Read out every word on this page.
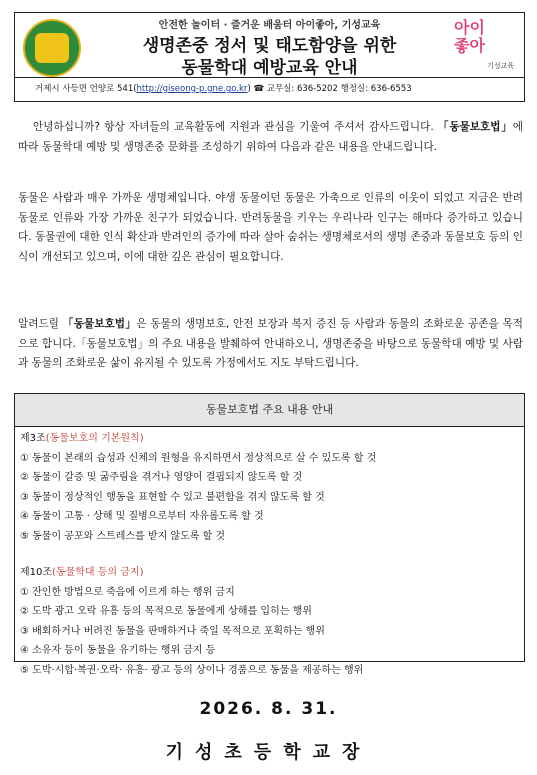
안전한 놀이터 · 즐거운 배움터 아이좋아, 기성교육
생명존중 정서 및 태도함양을 위한
동물학대 예방교육 안내
아이좋아
기성교육
거제시 사등면 언양로 541(http://giseong-p.gne.go.kr) ☎ 교무실: 636-5202 행정실: 636-6553
안녕하십니까? 항상 자녀들의 교육활동에 지원과 관심을 기울여 주셔서 감사드립니다. 「동물보호법」에 따라 동물학대 예방 및 생명존중 문화를 조성하기 위하여 다음과 같은 내용을 안내드립니다.
동물은 사람과 매우 가까운 생명체입니다. 야생 동물이던 동물은 가축으로 인류의 이웃이 되었고 지금은 반려동물로 인류와 가장 가까운 친구가 되었습니다. 반려동물을 키우는 우리나라 인구는 해마다 증가하고 있습니다. 동물권에 대한 인식 확산과 반려인의 증가에 따라 살아 숨쉬는 생명체로서의 생명 존중과 동물보호 등의 인식이 개선되고 있으며, 이에 대한 깊은 관심이 필요합니다.
알려드릴 「동물보호법」은 동물의 생명보호, 안전 보장과 복지 증진 등 사람과 동물의 조화로운 공존을 목적으로 합니다.「동물보호법」의 주요 내용을 발췌하여 안내하오니, 생명존중을 바탕으로 동물학대 예방 및 사람과 동물의 조화로운 삶이 유지될 수 있도록 가정에서도 지도 부탁드립니다.
동물보호법 주요 내용 안내
제3조(동물보호의 기본원칙)
① 동물이 본래의 습성과 신체의 원형을 유지하면서 정상적으로 살 수 있도록 할 것
② 동물이 갈증 및 굶주림을 겪거나 영양이 결핍되지 않도록 할 것
③ 동물이 정상적인 행동을 표현할 수 있고 불편함을 겪지 않도록 할 것
④ 동물이 고통 · 상해 및 질병으로부터 자유롭도록 할 것
⑤ 동물이 공포와 스트레스를 받지 않도록 할 것
제10조(동물학대 등의 금지)
① 잔인한 방법으로 죽음에 이르게 하는 행위 금지
② 도박 광고 오락 유흥 등의 목적으로 동물에게 상해를 입히는 행위
③ 배회하거나 버려진 동물을 판매하거나 죽일 목적으로 포획하는 행위
④ 소유자 등이 동물을 유기하는 행위 금지 등
⑤ 도박·시합·복권·오락· 유흥· 광고 등의 상이나 경품으로 동물을 제공하는 행위
2026. 8. 31.
기성초등학교장
